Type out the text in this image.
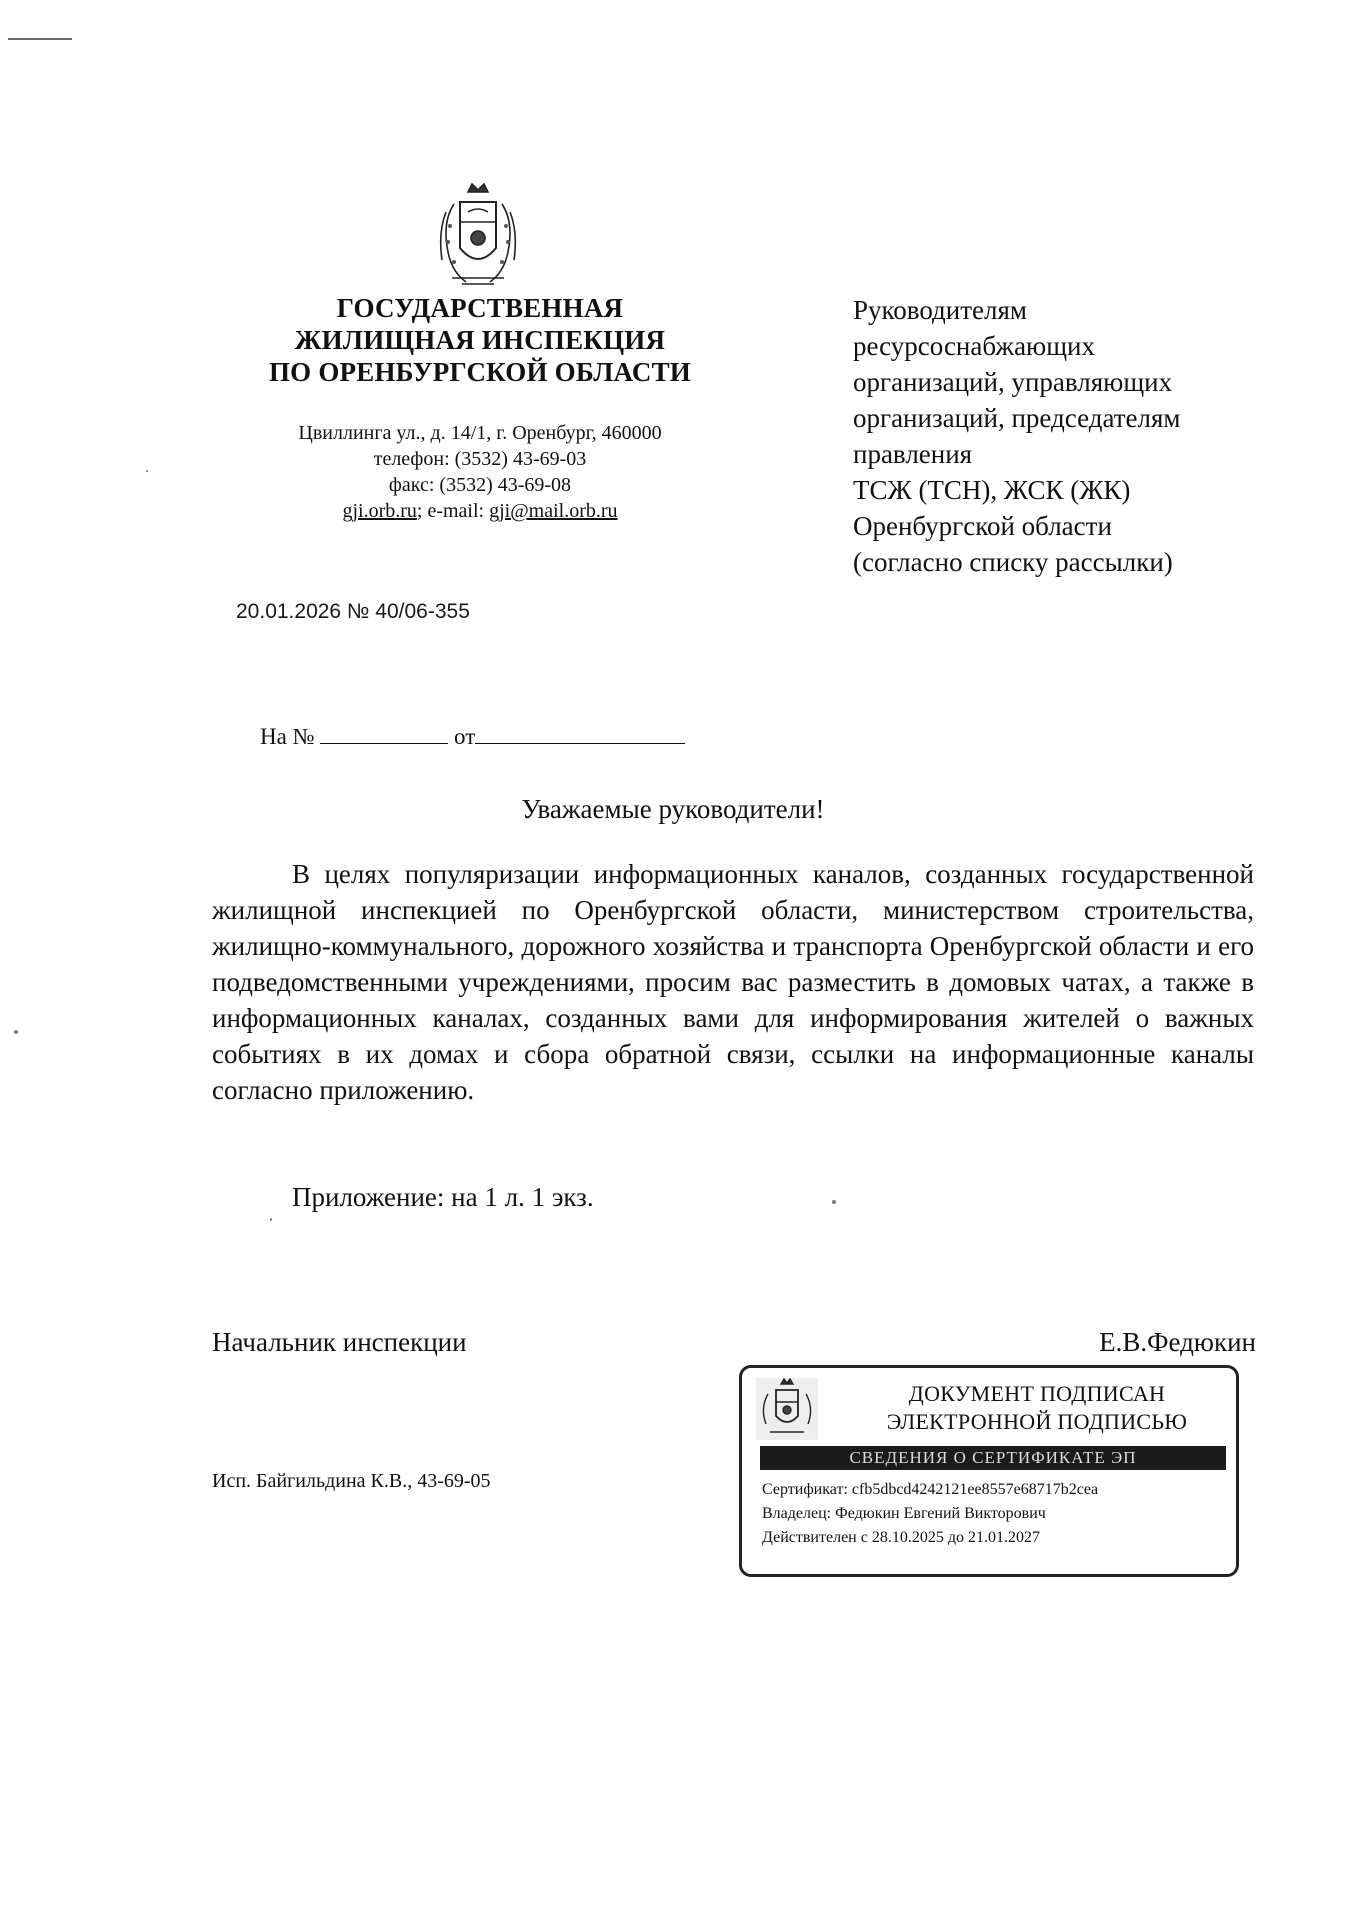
ГОСУДАРСТВЕННАЯ
ЖИЛИЩНАЯ ИНСПЕКЦИЯ
ПО ОРЕНБУРГСКОЙ ОБЛАСТИ
Цвиллинга ул., д. 14/1, г. Оренбург, 460000
телефон: (3532) 43-69-03
факс: (3532) 43-69-08
gji.orb.ru; e-mail: gji@mail.orb.ru
Руководителям
ресурсоснабжающих
организаций, управляющих
организаций, председателям
правления
ТСЖ (ТСН), ЖСК (ЖК)
Оренбургской области
(согласно списку рассылки)
20.01.2026 № 40/06-355
На №	от
Уважаемые руководители!
В целях популяризации информационных каналов, созданных государственной жилищной инспекцией по Оренбургской области, министерством строительства, жилищно-коммунального, дорожного хозяйства и транспорта Оренбургской области и его подведомственными учреждениями, просим вас разместить в домовых чатах, а также в информационных каналах, созданных вами для информирования жителей о важных событиях в их домах и сбора обратной связи, ссылки на информационные каналы согласно приложению.
Приложение: на 1 л. 1 экз.
Начальник инспекции	Е.В.Федюкин
Исп. Байгильдина К.В., 43-69-05
ДОКУМЕНТ ПОДПИСАН
ЭЛЕКТРОННОЙ ПОДПИСЬЮ
СВЕДЕНИЯ О СЕРТИФИКАТЕ ЭП
Сертификат: cfb5dbcd4242121ee8557e68717b2cea
Владелец: Федюкин Евгений Викторович
Действителен с 28.10.2025 до 21.01.2027
